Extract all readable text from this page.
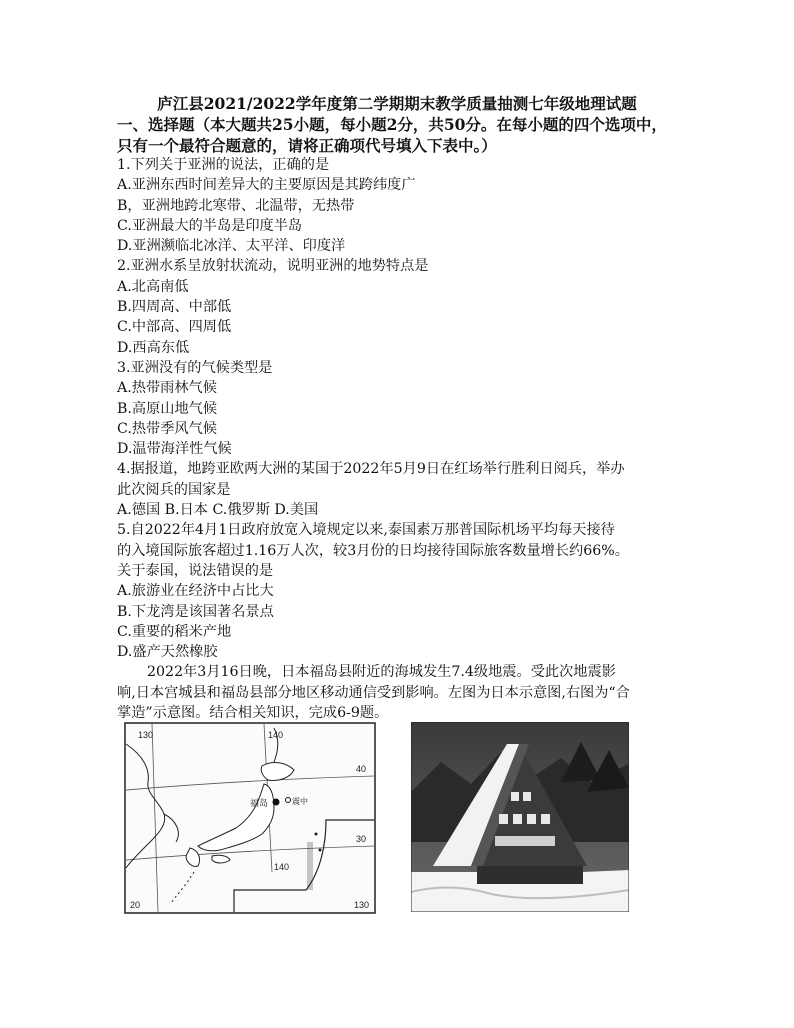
庐江县2021/2022学年度第二学期期末教学质量抽测七年级地理试题
一、选择题（本大题共25小题，每小题2分，共50分。在每小题的四个选项中，
只有一个最符合题意的，请将正确项代号填入下表中。）
1.下列关于亚洲的说法，正确的是
A.亚洲东西时间差异大的主要原因是其跨纬度广
B，亚洲地跨北寒带、北温带，无热带
C.亚洲最大的半岛是印度半岛
D.亚洲濒临北冰洋、太平洋、印度洋
2.亚洲水系呈放射状流动，说明亚洲的地势特点是
A.北高南低
B.四周高、中部低
C.中部高、四周低
D.西高东低
3.亚洲没有的气候类型是
A.热带雨林气候
B.高原山地气候
C.热带季风气候
D.温带海洋性气候
4.据报道，地跨亚欧两大洲的某国于2022年5月9日在红场举行胜利日阅兵，举办
此次阅兵的国家是
A.德国 B.日本 C.俄罗斯 D.美国
5.自2022年4月1日政府放宽入境规定以来,泰国素万那普国际机场平均每天接待
的入境国际旅客超过1.16万人次，较3月份的日均接待国际旅客数量增长约66%。
关于泰国，说法错误的是
A.旅游业在经济中占比大
B.下龙湾是该国著名景点
C.重要的稻米产地
D.盛产天然橡胶
2022年3月16日晚，日本福岛县附近的海城发生7.4级地震。受此次地震影
响,日本宫城县和福岛县部分地区移动通信受到影响。左图为日本示意图,右图为“合
掌造”示意图。结合相关知识，完成6-9题。
130	140
40
30
140
130
20
福岛	震中
